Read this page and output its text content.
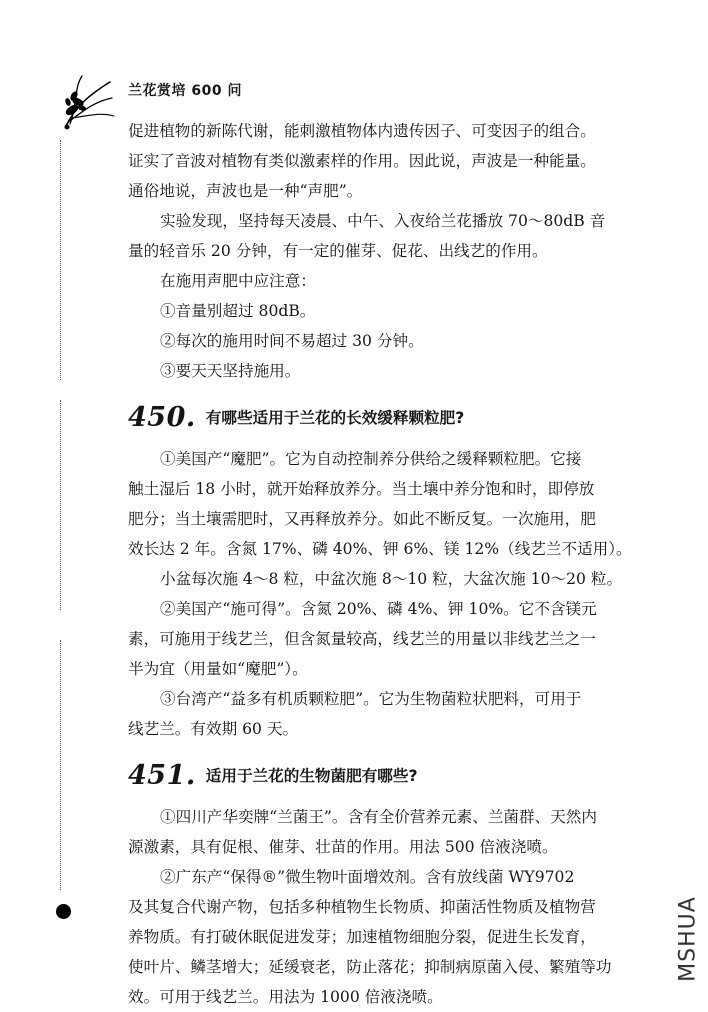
兰花赏培 600 问

促进植物的新陈代谢，能刺激植物体内遗传因子、可变因子的组合。

证实了音波对植物有类似激素样的作用。因此说，声波是一种能量。

通俗地说，声波也是一种“声肥”。

实验发现，坚持每天凌晨、中午、入夜给兰花播放 70～80dB 音

量的轻音乐 20 分钟，有一定的催芽、促花、出线艺的作用。

在施用声肥中应注意：

①音量别超过 80dB。

②每次的施用时间不易超过 30 分钟。

③要天天坚持施用。

450. 有哪些适用于兰花的长效缓释颗粒肥?

①美国产“魔肥”。它为自动控制养分供给之缓释颗粒肥。它接

触土湿后 18 小时，就开始释放养分。当土壤中养分饱和时，即停放

肥分；当土壤需肥时，又再释放养分。如此不断反复。一次施用，肥

效长达 2 年。含氮 17%、磷 40%、钾 6%、镁 12%（线艺兰不适用）。

小盆每次施 4～8 粒，中盆次施 8～10 粒，大盆次施 10～20 粒。

②美国产“施可得”。含氮 20%、磷 4%、钾 10%。它不含镁元

素，可施用于线艺兰，但含氮量较高，线艺兰的用量以非线艺兰之一

半为宜（用量如“魔肥”）。

③台湾产“益多有机质颗粒肥”。它为生物菌粒状肥料，可用于

线艺兰。有效期 60 天。

451. 适用于兰花的生物菌肥有哪些?

①四川产华奕牌“兰菌王”。含有全价营养元素、兰菌群、天然内

源激素，具有促根、催芽、壮苗的作用。用法 500 倍液浇喷。

②广东产“保得®”微生物叶面增效剂。含有放线菌 WY9702

及其复合代谢产物，包括多种植物生长物质、抑菌活性物质及植物营

养物质。有打破休眠促进发芽；加速植物细胞分裂，促进生长发育，

使叶片、鳞茎增大；延缓衰老，防止落花；抑制病原菌入侵、繁殖等功

效。可用于线艺兰。用法为 1000 倍液浇喷。

MSHUA
